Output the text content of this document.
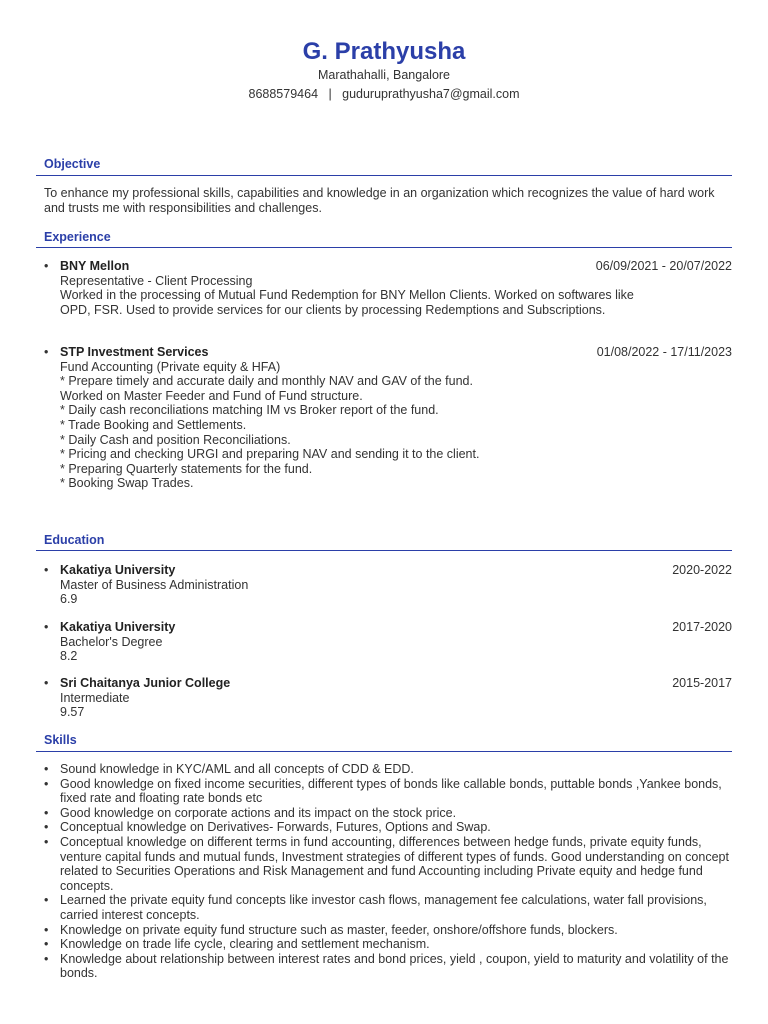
G. Prathyusha
Marathahalli, Bangalore
8688579464 | guduruprathyusha7@gmail.com
Objective
To enhance my professional skills, capabilities and knowledge in an organization which recognizes the value of hard work and trusts me with responsibilities and challenges.
Experience
• BNY Mellon
Representative - Client Processing
Worked in the processing of Mutual Fund Redemption for BNY Mellon Clients. Worked on softwares like OPD, FSR. Used to provide services for our clients by processing Redemptions and Subscriptions.
06/09/2021 - 20/07/2022
• STP Investment Services
Fund Accounting (Private equity & HFA)
* Prepare timely and accurate daily and monthly NAV and GAV of the fund.
Worked on Master Feeder and Fund of Fund structure.
* Daily cash reconciliations matching IM vs Broker report of the fund.
* Trade Booking and Settlements.
* Daily Cash and position Reconciliations.
* Pricing and checking URGI and preparing NAV and sending it to the client.
* Preparing Quarterly statements for the fund.
* Booking Swap Trades.
01/08/2022 - 17/11/2023
Education
• Kakatiya University
Master of Business Administration
6.9
2020-2022
• Kakatiya University
Bachelor's Degree
8.2
2017-2020
• Sri Chaitanya Junior College
Intermediate
9.57
2015-2017
Skills
• Sound knowledge in KYC/AML and all concepts of CDD & EDD.
• Good knowledge on fixed income securities, different types of bonds like callable bonds, puttable bonds ,Yankee bonds, fixed rate and floating rate bonds etc
• Good knowledge on corporate actions and its impact on the stock price.
• Conceptual knowledge on Derivatives- Forwards, Futures, Options and Swap.
• Conceptual knowledge on different terms in fund accounting, differences between hedge funds, private equity funds, venture capital funds and mutual funds, Investment strategies of different types of funds. Good understanding on concept related to Securities Operations and Risk Management and fund Accounting including Private equity and hedge fund concepts.
• Learned the private equity fund concepts like investor cash flows, management fee calculations, water fall provisions, carried interest concepts.
• Knowledge on private equity fund structure such as master, feeder, onshore/offshore funds, blockers.
• Knowledge on trade life cycle, clearing and settlement mechanism.
• Knowledge about relationship between interest rates and bond prices, yield , coupon, yield to maturity and volatility of the bonds.
